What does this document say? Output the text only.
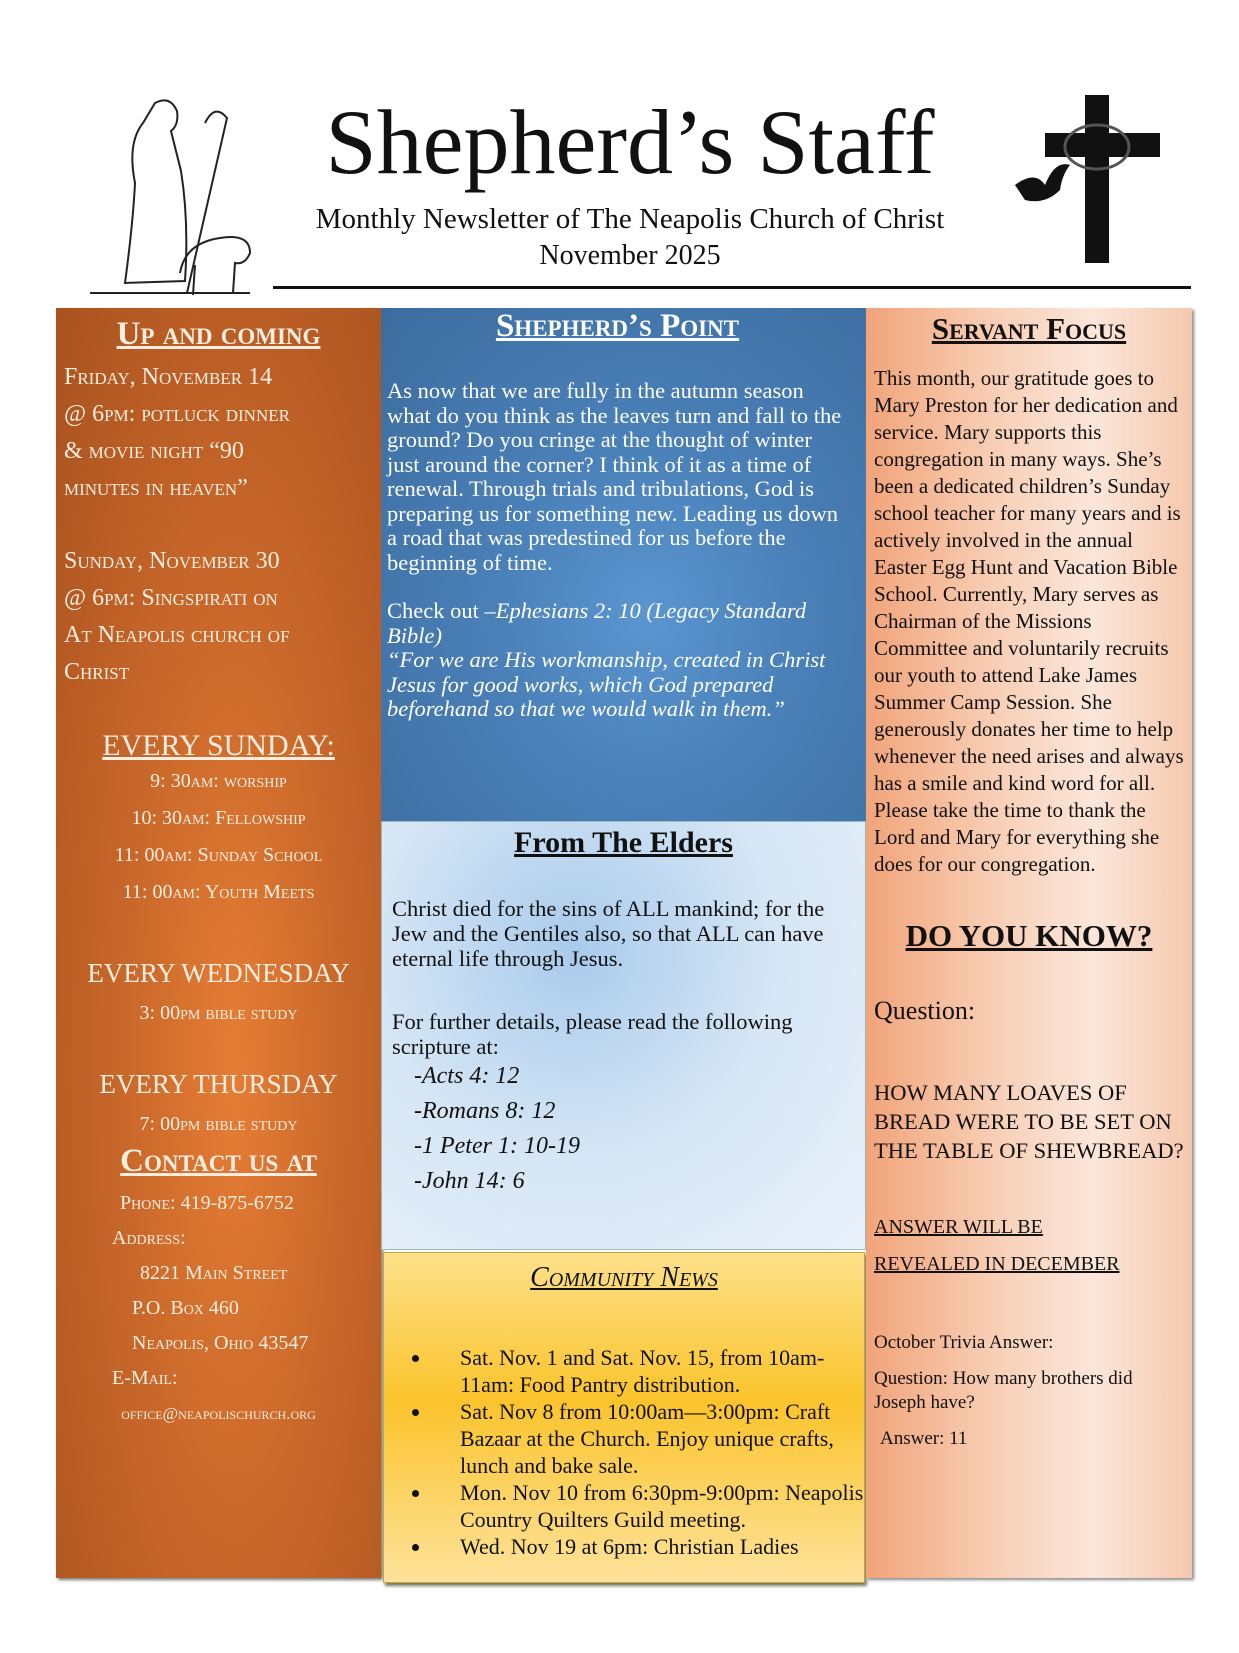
Shepherd’s Staff
Monthly Newsletter of The Neapolis Church of Christ
November 2025
Up and coming
Friday, November 14
@ 6pm: potluck dinner
& movie night “90
minutes in heaven”
Sunday, November 30
@ 6pm: Singspirati on
At Neapolis church of
Christ
EVERY SUNDAY:
9: 30am: worship
10: 30am: Fellowship
11: 00am: Sunday School
11: 00am: Youth Meets
EVERY WEDNESDAY
3: 00pm bible study
EVERY THURSDAY
7: 00pm bible study
Contact us at
Phone: 419-875-6752
Address:
8221 Main Street
P.O. Box 460
Neapolis, Ohio 43547
E-Mail:
office@neapolischurch.org
Shepherd’s Point

As now that we are fully in the autumn season what do you think as the leaves turn and fall to the ground? Do you cringe at the thought of winter just around the corner? I think of it as a time of renewal. Through trials and tribulations, God is preparing us for something new. Leading us down a road that was predestined for us before the beginning of time.

Check out –Ephesians 2: 10 (Legacy Standard Bible)

“For we are His workmanship, created in Christ Jesus for good works, which God prepared beforehand so that we would walk in them.”

From The Elders

Christ died for the sins of ALL mankind; for the Jew and the Gentiles also, so that ALL can have eternal life through Jesus.

For further details, please read the following scripture at:

-Acts 4: 12
-Romans 8: 12
-1 Peter 1: 10-19
-John 14: 6
Community News
• Sat. Nov. 1 and Sat. Nov. 15, from 10am-11am: Food Pantry distribution.
• Sat. Nov 8 from 10:00am—3:00pm: Craft Bazaar at the Church. Enjoy unique crafts, lunch and bake sale.
• Mon. Nov 10 from 6:30pm-9:00pm: Neapolis Country Quilters Guild meeting.
• Wed. Nov 19 at 6pm: Christian Ladies
Servant Focus
This month, our gratitude goes to Mary Preston for her dedication and service. Mary supports this congregation in many ways. She’s been a dedicated children’s Sunday school teacher for many years and is actively involved in the annual Easter Egg Hunt and Vacation Bible School. Currently, Mary serves as Chairman of the Missions Committee and voluntarily recruits our youth to attend Lake James Summer Camp Session. She generously donates her time to help whenever the need arises and always has a smile and kind word for all. Please take the time to thank the Lord and Mary for everything she does for our congregation.
DO YOU KNOW?
Question:
HOW MANY LOAVES OF BREAD WERE TO BE SET ON THE TABLE OF SHEWBREAD?
ANSWER WILL BE
REVEALED IN DECEMBER
October Trivia Answer:
Question: How many brothers did Joseph have?
Answer: 11
